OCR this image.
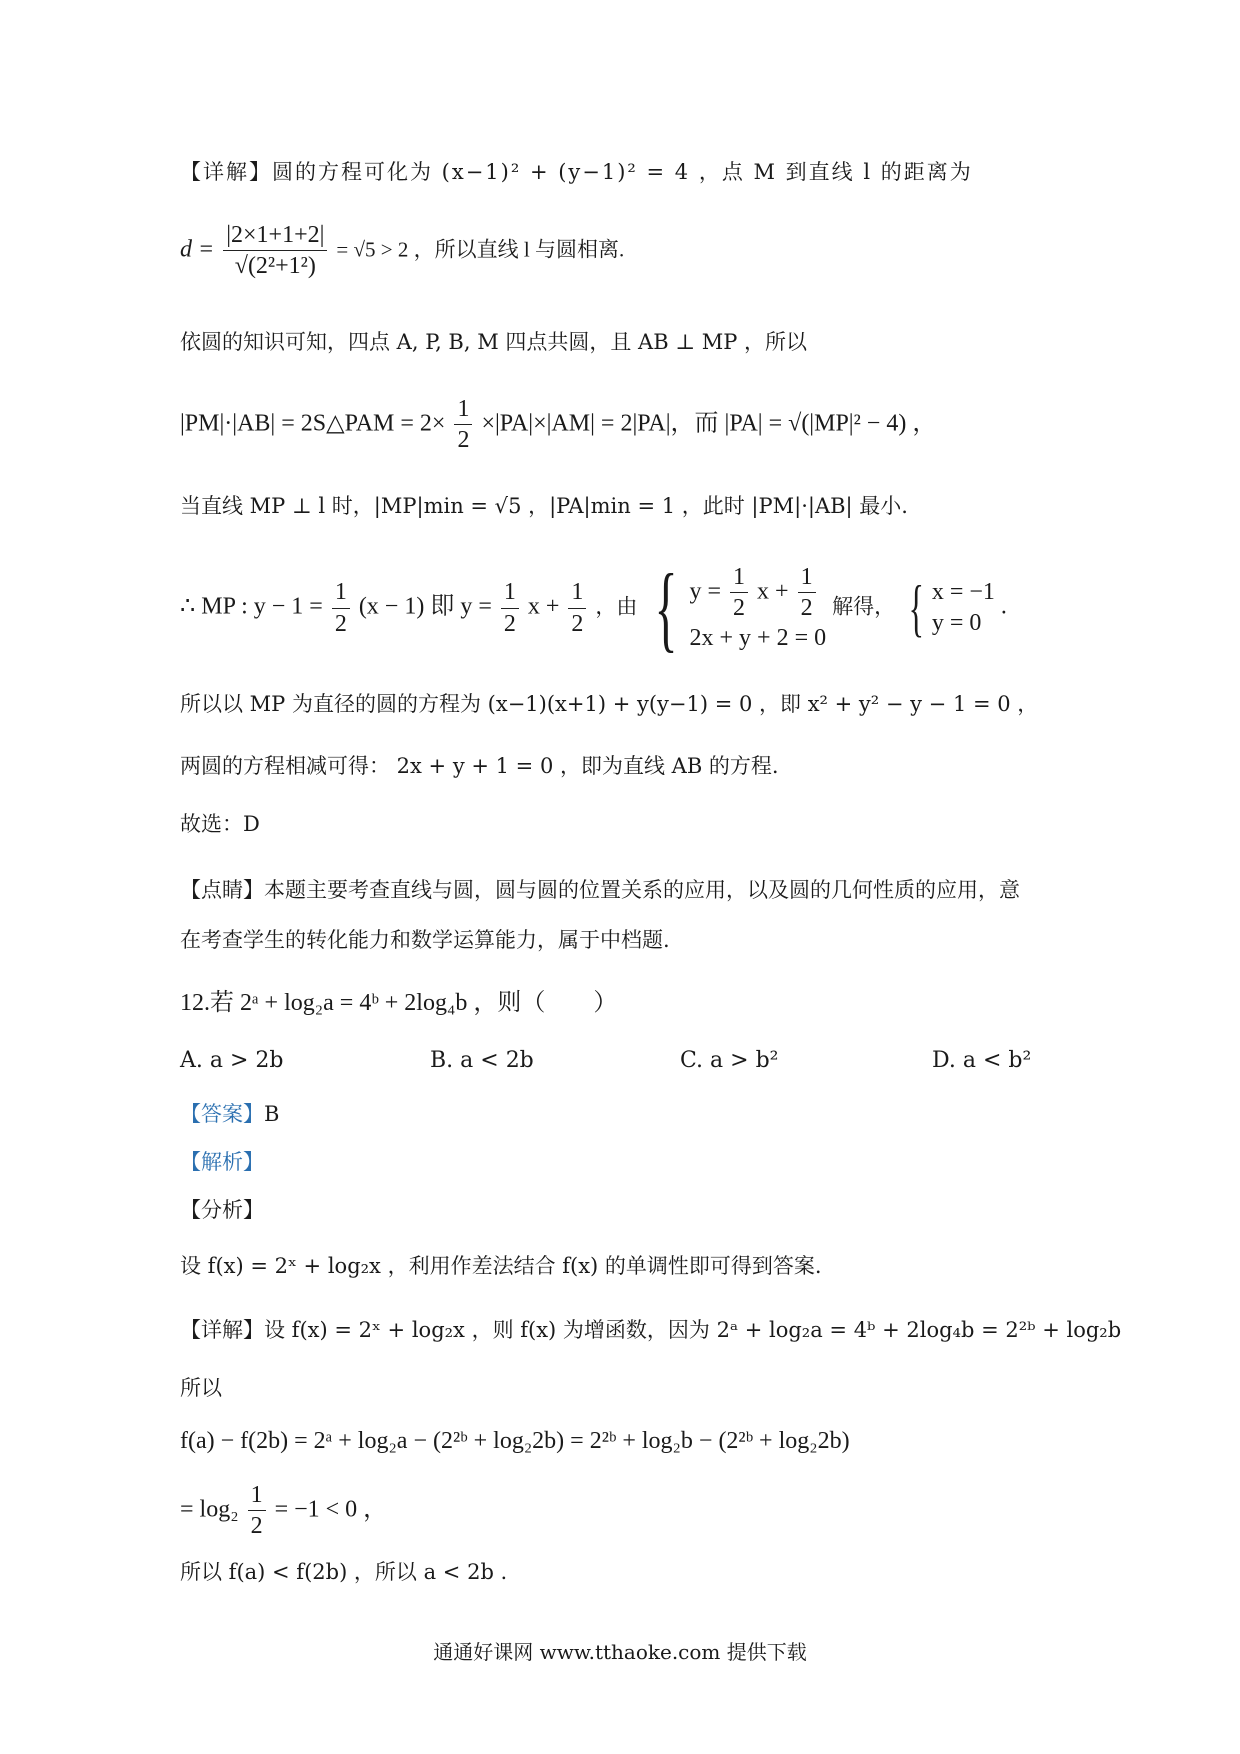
【详解】圆的方程可化为 (x−1)² + (y−1)² = 4 ，点 M 到直线 l 的距离为
$d = \frac{|2\times 1+1+2|}{\text{√(2²+1²)}} = √5 > 2$ ，所以直线 l 与圆相离.
依圆的知识可知，四点 A, P, B, M 四点共圆，且 AB ⊥ MP ，所以
|PM|·|AB| = 2S△PAM = $2\times \frac{1}{2} \times|PA|\times|AM| = 2|PA|$，而 |PA| = √(|MP|² − 4) ，
当直线 MP ⊥ l 时，|MP|min = √5 ，|PA|min = 1 ，此时 |PM|·|AB| 最小.
∴ MP : $y - 1 = \frac{1}{2} (x - 1)$ 即 $y = \frac{1}{2}$ $x + \frac{1}{2}$ ，由 { $y = \frac{1}{2}$ $x + \frac{1}{2}$
2x + y + 2 = 0
解得， { x = −1
y = 0
.
所以以 MP 为直径的圆的方程为 (x−1)(x+1) + y(y−1) = 0 ，即 x² + y² − y − 1 = 0 ，
两圆的方程相减可得： 2x + y + 1 = 0 ，即为直线 AB 的方程.
故选：D
【点睛】本题主要考查直线与圆，圆与圆的位置关系的应用，以及圆的几何性质的应用，意
在考查学生的转化能力和数学运算能力，属于中档题.
12.若 2ᵃ + log₂a = 4ᵇ + 2log₄b ，则（　　）
A. a > 2b	B. a < 2b	C. a > b²	D. a < b²
【答案】B
【解析】
【分析】
设 f(x) = 2ˣ + log₂x ，利用作差法结合 f(x) 的单调性即可得到答案.
【详解】设 f(x) = 2ˣ + log₂x ，则 f(x) 为增函数，因为 2ᵃ + log₂a = 4ᵇ + 2log₄b = 2²ᵇ + log₂b
所以
f(a) − f(2b) = 2ᵃ + log₂a − (2²ᵇ + log₂2b) = 2²ᵇ + log₂b − (2²ᵇ + log₂2b)
= $\log_2 \frac{1}{2} = -1 < 0$ ，
所以 f(a) < f(2b) ，所以 a < 2b .
通通好课网 www.tthaoke.com 提供下载
